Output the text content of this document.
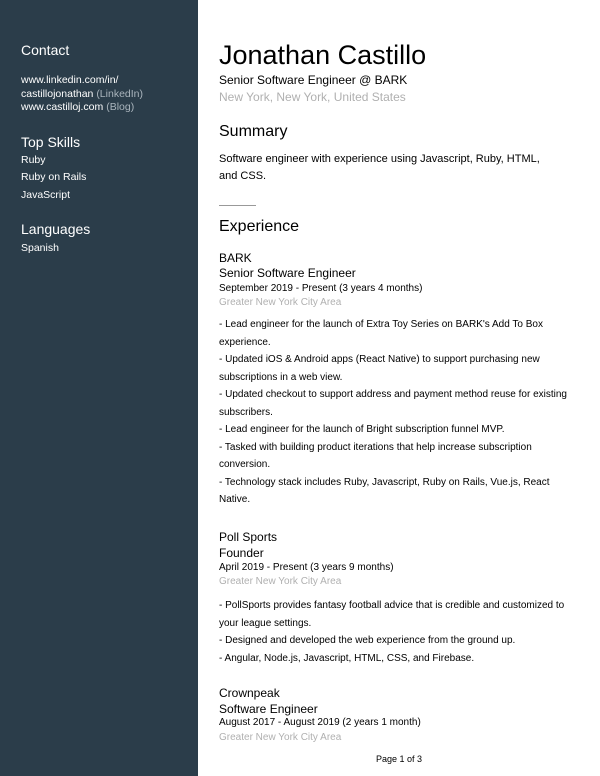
Contact
www.linkedin.com/in/
castillojonathan (LinkedIn)
www.castilloj.com (Blog)
Top Skills
Ruby
Ruby on Rails
JavaScript
Languages
Spanish
Jonathan Castillo
Senior Software Engineer @ BARK
New York, New York, United States
Summary
Software engineer with experience using Javascript, Ruby, HTML,
and CSS.
Experience
BARK
Senior Software Engineer
September 2019 - Present (3 years 4 months)
Greater New York City Area
- Lead engineer for the launch of Extra Toy Series on BARK's Add To Box experience.
- Updated iOS & Android apps (React Native) to support purchasing new subscriptions in a web view.
- Updated checkout to support address and payment method reuse for existing subscribers.
- Lead engineer for the launch of Bright subscription funnel MVP.
- Tasked with building product iterations that help increase subscription conversion.
- Technology stack includes Ruby, Javascript, Ruby on Rails, Vue.js, React Native.
Poll Sports
Founder
April 2019 - Present (3 years 9 months)
Greater New York City Area
- PollSports provides fantasy football advice that is credible and customized to your league settings.
- Designed and developed the web experience from the ground up.
- Angular, Node.js, Javascript, HTML, CSS, and Firebase.
Crownpeak
Software Engineer
August 2017 - August 2019 (2 years 1 month)
Greater New York City Area
Page 1 of 3
